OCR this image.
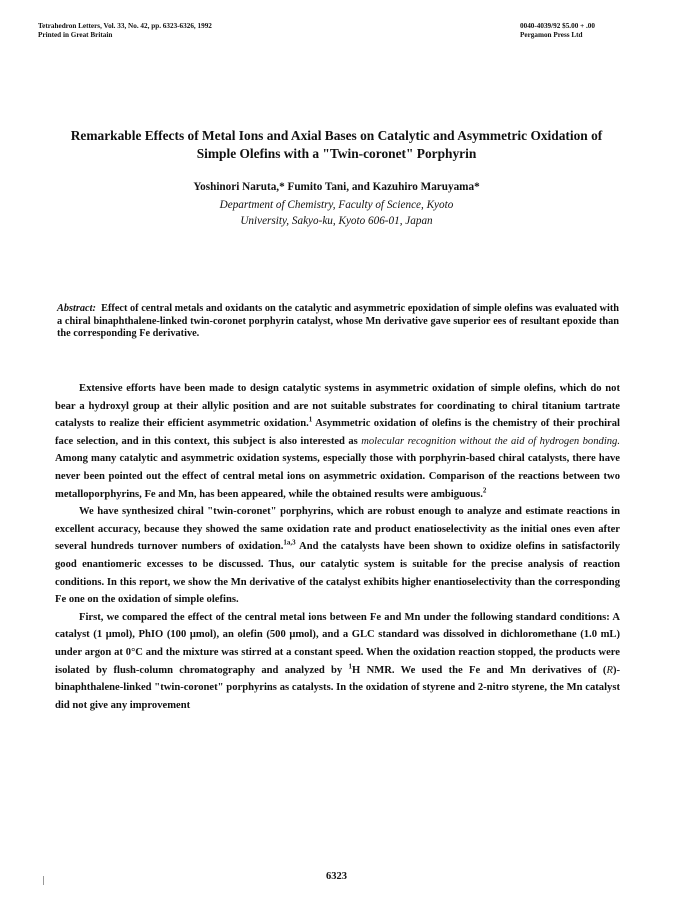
Tetrahedron Letters, Vol. 33, No. 42, pp. 6323-6326, 1992
Printed in Great Britain
0040-4039/92 $5.00 + .00
Pergamon Press Ltd
Remarkable Effects of Metal Ions and Axial Bases on Catalytic and Asymmetric Oxidation of Simple Olefins with a "Twin-coronet" Porphyrin
Yoshinori Naruta,* Fumito Tani, and Kazuhiro Maruyama*
Department of Chemistry, Faculty of Science, Kyoto
University, Sakyo-ku, Kyoto 606-01, Japan
Abstract: Effect of central metals and oxidants on the catalytic and asymmetric epoxidation of simple olefins was evaluated with a chiral binaphthalene-linked twin-coronet porphyrin catalyst, whose Mn derivative gave superior ees of resultant epoxide than the corresponding Fe derivative.

Extensive efforts have been made to design catalytic systems in asymmetric oxidation of simple olefins, which do not bear a hydroxyl group at their allylic position and are not suitable substrates for coordinating to chiral titanium tartrate catalysts to realize their efficient asymmetric oxidation.$^1$ Asymmetric oxidation of olefins is the chemistry of their prochiral face selection, and in this context, this subject is also interested as molecular recognition without the aid of hydrogen bonding. Among many catalytic and asymmetric oxidation systems, especially those with porphyrin-based chiral catalysts, there have never been pointed out the effect of central metal ions on asymmetric oxidation. Comparison of the reactions between two metalloporphyrins, Fe and Mn, has been appeared, while the obtained results were ambiguous.$^2$

We have synthesized chiral "twin-coronet" porphyrins, which are robust enough to analyze and estimate reactions in excellent accuracy, because they showed the same oxidation rate and product enatioselectivity as the initial ones even after several hundreds turnover numbers of oxidation.$^{1a,3}$ And the catalysts have been shown to oxidize olefins in satisfactorily good enantiomeric excesses to be discussed. Thus, our catalytic system is suitable for the precise analysis of reaction conditions. In this report, we show the Mn derivative of the catalyst exhibits higher enantioselectivity than the corresponding Fe one on the oxidation of simple olefins.

First, we compared the effect of the central metal ions between Fe and Mn under the following standard conditions: A catalyst (1 μmol), PhIO (100 μmol), an olefin (500 μmol), and a GLC standard was dissolved in dichloromethane (1.0 mL) under argon at 0°C and the mixture was stirred at a constant speed. When the oxidation reaction stopped, the products were isolated by flush-column chromatography and analyzed by $^1$H NMR. We used the Fe and Mn derivatives of (R)-binaphthalene-linked "twin-coronet" porphyrins as catalysts. In the oxidation of styrene and 2-nitro styrene, the Mn catalyst did not give any improvement

6323
